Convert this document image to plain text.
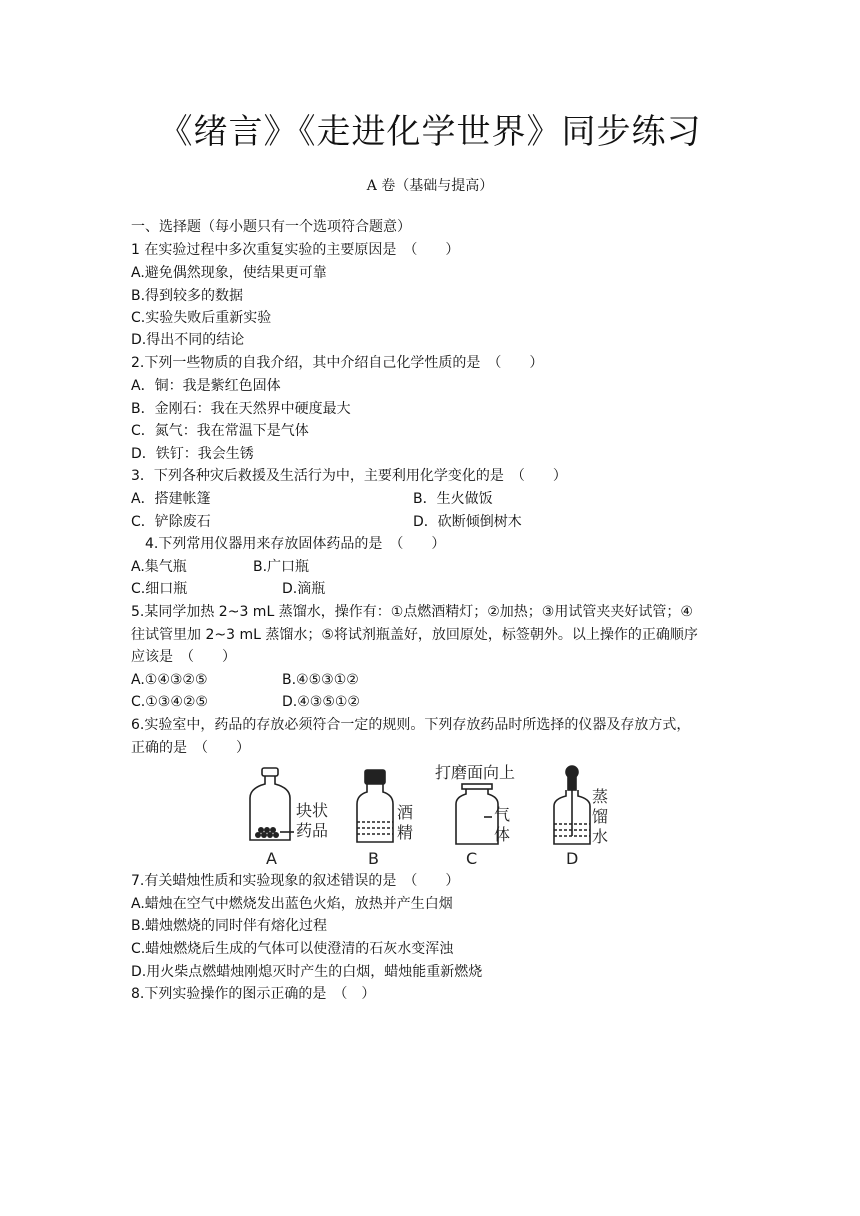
《绪言》《走进化学世界》同步练习
A 卷（基础与提高）
一、选择题（每小题只有一个选项符合题意）
1 在实验过程中多次重复实验的主要原因是　（　　）
A.避免偶然现象，使结果更可靠
B.得到较多的数据
C.实验失败后重新实验
D.得出不同的结论
2.下列一些物质的自我介绍，其中介绍自己化学性质的是　（　　）
A．铜：我是紫红色固体
B．金刚石：我在天然界中硬度最大
C．氮气：我在常温下是气体
D．铁钉：我会生锈
3．下列各种灾后救援及生活行为中，主要利用化学变化的是　（　　）
A．搭建帐篷	B．生火做饭
C．铲除废石	D．砍断倾倒树木
4.下列常用仪器用来存放固体药品的是　（　　）
A.集气瓶	B.广口瓶
C.细口瓶	D.滴瓶
5.某同学加热 2~3 mL 蒸馏水，操作有：①点燃酒精灯；②加热；③用试管夹夹好试管；④
往试管里加 2~3 mL 蒸馏水；⑤将试剂瓶盖好，放回原处，标签朝外。以上操作的正确顺序
应该是　（　　）
A.①④③②⑤	B.④⑤③①②
C.①③④②⑤	D.④③⑤①②
6.实验室中，药品的存放必须符合一定的规则。下列存放药品时所选择的仪器及存放方式，
正确的是　（　　）
块状
药品
A
酒
精
B
打磨面向上
气
体
C
蒸
馏
水
D
7.有关蜡烛性质和实验现象的叙述错误的是　（　　）
A.蜡烛在空气中燃烧发出蓝色火焰，放热并产生白烟
B.蜡烛燃烧的同时伴有熔化过程
C.蜡烛燃烧后生成的气体可以使澄清的石灰水变浑浊
D.用火柴点燃蜡烛刚熄灭时产生的白烟，蜡烛能重新燃烧
8.下列实验操作的图示正确的是　（　）
